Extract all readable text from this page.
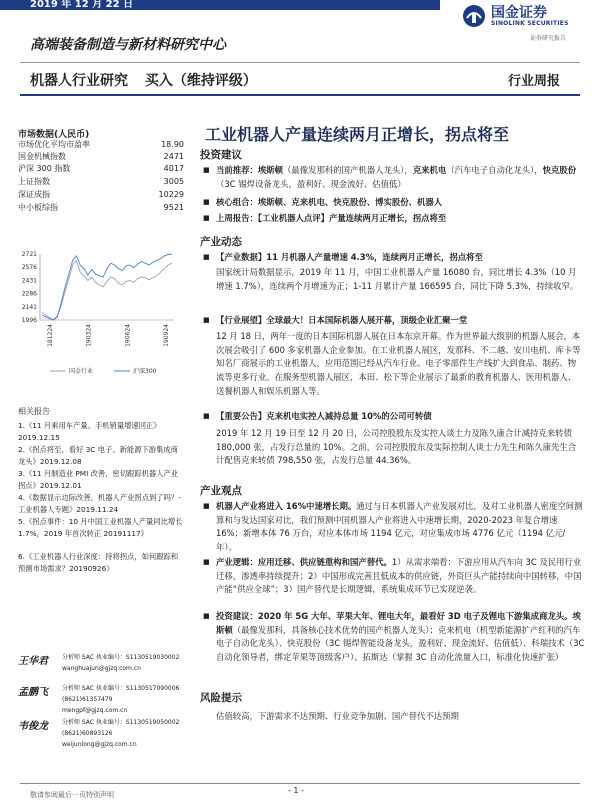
2019 年 12 月 22 日
国金证券
SINOLINK SECURITIES
证券研究报告
高端装备制造与新材料研究中心
机器人行业研究 买入（维持评级）	行业周报
市场数据(人民币)
市场优化平均市盈率	18.90
国金机械指数	2471
沪深 300 指数	4017
上证指数	3005
深证成指	10229
中小板综指	9521
2721
2576
2431
2286
2141
1996
181224	190324	190624	190924
国金行业	沪深300
相关报告
1.《11 月乘用车产量、手机销量增速回正》2019.12.15
2.《拐点将至，看好 3C 电子、新能源下游集成商龙头》2019.12.08
3.《11 月制造业 PMI 改善，密切跟踪机器人产业拐点》2019.12.01
4.《数据显示边际改善，机器人产业拐点到了吗？-工业机器人专题》2019.11.24
5.《拐点事件：10 月中国工业机器人产量同比增长 1.7%，2019 年首次转正 20191117》
6.《工业机器人行业深度：持将拐点，如何跟踪和预测市场需求？20190926》
王华君 分析师 SAC 执业编号：S1130519030002
wanghuajun@gjzq.com.cn
孟鹏飞 分析师 SAC 执业编号：S1130517090006
(8621)61357479
mengpf@gjzq.com.cn
韦俊龙 分析师 SAC 执业编号：S1130519050002
(8621)60893126
weijunlong@gjzq.com.cn
工业机器人产量连续两月正增长，拐点将至
投资建议
■ 当前推荐：埃斯顿（最像发那科的国产机器人龙头），克来机电（汽车电子自动化龙头），快克股份（3C 锡焊设备龙头，盈利好、现金流好、估值低）
■ 核心组合：埃斯顿、克来机电、快克股份、博实股份、机器人
■ 上周报告：【工业机器人点评】产量连续两月正增长，拐点将至
产业动态
■ 【产业数据】11 月机器人产量增速 4.3%，连续两月正增长，拐点将至
国家统计局数据显示，2019 年 11 月，中国工业机器人产量 16080 台，同比增长 4.3%（10 月增速 1.7%），连续两个月增速为正；1-11 月累计产量 166595 台，同比下降 5.3%，持续收窄。
■ 【行业展望】全球最大！日本国际机器人展开幕，顶级企业汇聚一堂
12 月 18 日，两年一度的日本国际机器人展在日本东京开幕。作为世界最大级别的机器人展会，本次展会吸引了 600 多家机器人企业参加。在工业机器人展区，发那科、不二越、安川电机、库卡等知名厂商展示的工业机器人，应用范围已经从汽车行业、电子零部件生产线扩大到食品、制药、物流等更多行业。在服务型机器人展区，本田、松下等企业展示了最新的教育机器人、医用机器人、送餐机器人和娱乐机器人等。
■ 【重要公告】克来机电实控人减持总量 10%的公司可转债
2019 年 12 月 19 日至 12 月 20 日，公司控股股东及实控人谈士力及陈久康合计减持克来转债 180,000 张，占发行总量的 10%。之前，公司控股股东及实际控制人谈士力先生和陈久康先生合计配售克来转债 798,550 张，占发行总量 44.36%。
产业观点
■ 机器人产业将进入 16%中速增长期。通过与日本机器人产业发展对比，及对工业机器人密度空间测算和与发达国家对比，我们预测中国机器人产业将进入中速增长期，2020-2023 年复合增速 16%；新增本体 76 万台，对应本体市场 1194 亿元，对应集成市场 4776 亿元（1194 亿元/年）。
■ 产业逻辑：应用迁移、供应链重构和国产替代。1）从需求端看：下游应用从汽车向 3C 及民用行业迁移，渗透率持续提升；2）中国形成完善且低成本的供应链，外资巨头产能持续向中国转移，中国产能“供应全球”；3）国产替代是长期逻辑，系统集成环节已实现逆袭。
■ 投资建议：2020 年 5G 大年、苹果大年、锂电大年，最看好 3D 电子及锂电下游集成商龙头。埃斯顿（最像发那科，具备核心技术优势的国产机器人龙头）；克来机电（机型新能源扩产红利的汽车电子自动化龙头）、快克股份（3C 锡焊智能设备龙头，盈利好、现金流好、估值低）、科瑞技术（3C 自动化领导者，绑定苹果等顶级客户）、拓斯达（掌握 3C 自动化流量入口，标准化快速扩张）
风险提示
估值较高，下游需求不达预期、行业竞争加剧、国产替代不达预期
- 1 -
敬请参阅最后一页特别声明
